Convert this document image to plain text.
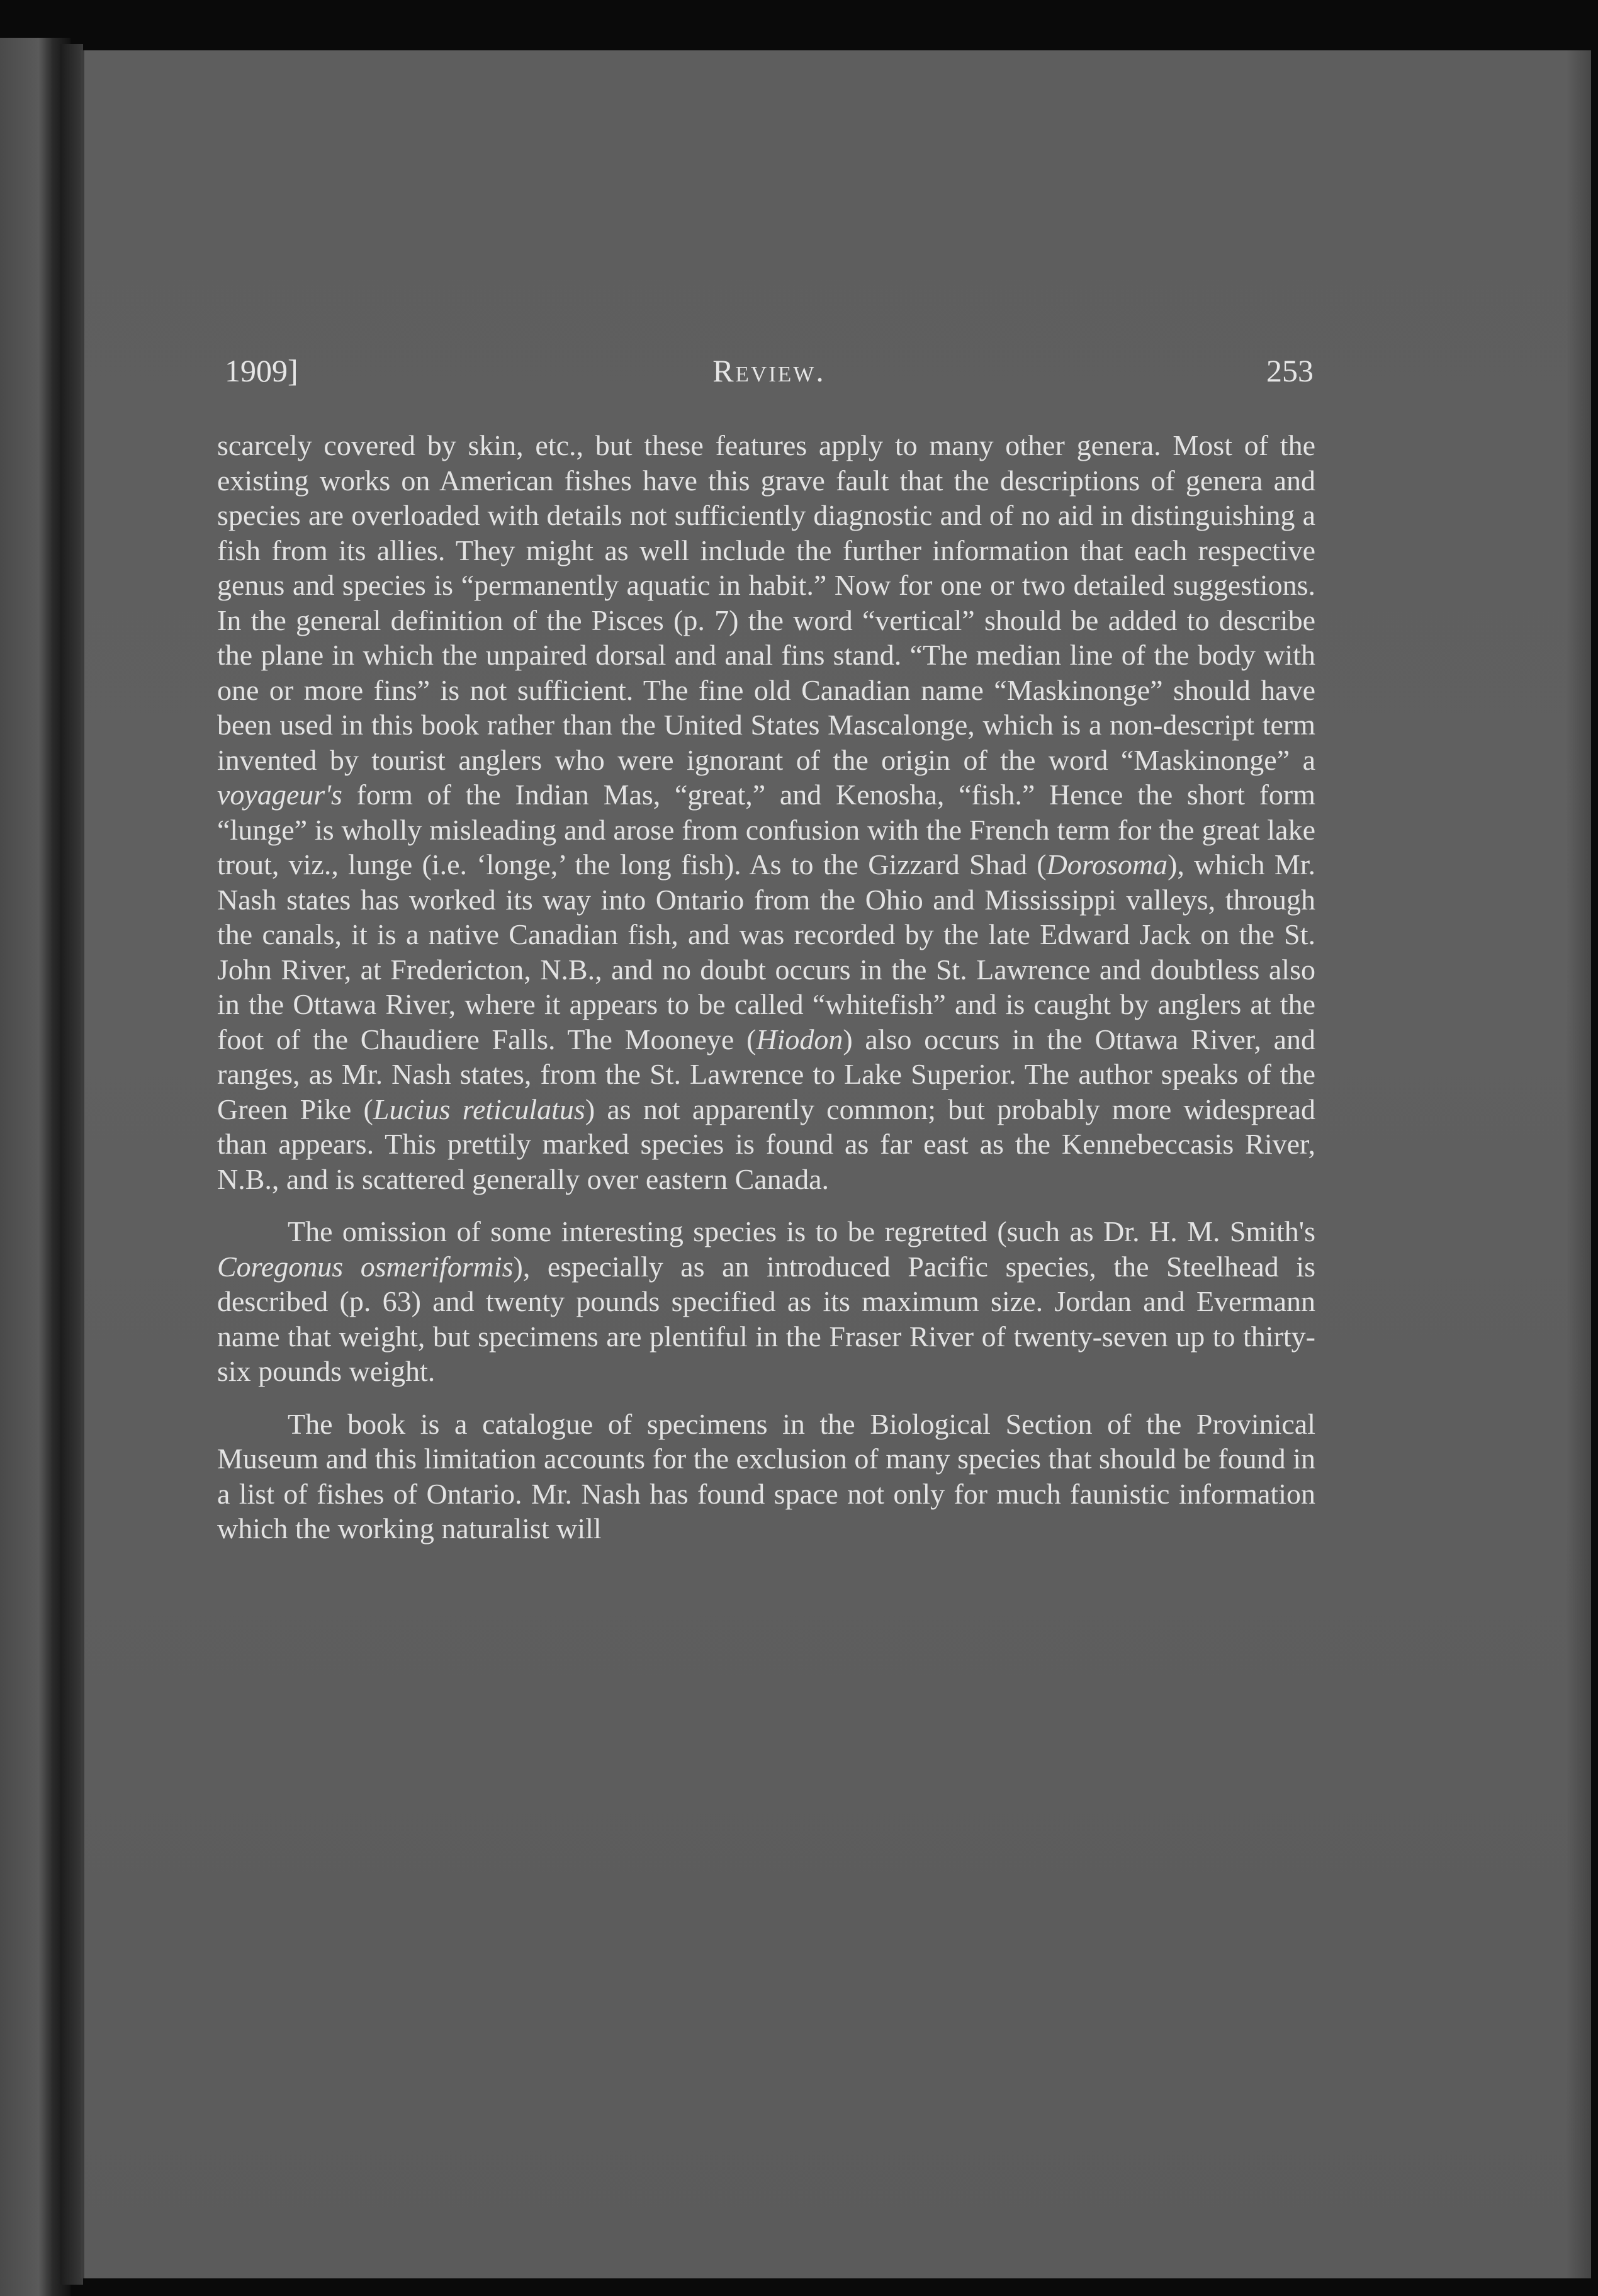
1909]	Review.	253

scarcely covered by skin, etc., but these features apply to many other genera. Most of the existing works on American fishes have this grave fault that the descriptions of genera and species are overloaded with details not sufficiently diagnostic and of no aid in distinguishing a fish from its allies. They might as well include the further information that each respective genus and species is “permanently aquatic in habit.” Now for one or two detailed suggestions. In the general definition of the Pisces (p. 7) the word “vertical” should be added to describe the plane in which the unpaired dorsal and anal fins stand. “The median line of the body with one or more fins” is not sufficient. The fine old Canadian name “Maskinonge” should have been used in this book rather than the United States Mascalonge, which is a non-descript term invented by tourist anglers who were ignorant of the origin of the word “Maskinonge” a voyageur's form of the Indian Mas, “great,” and Kenosha, “fish.” Hence the short form “lunge” is wholly misleading and arose from confusion with the French term for the great lake trout, viz., lunge (i.e. ‘longe,’ the long fish). As to the Gizzard Shad (Dorosoma), which Mr. Nash states has worked its way into Ontario from the Ohio and Mississippi valleys, through the canals, it is a native Canadian fish, and was recorded by the late Edward Jack on the St. John River, at Fredericton, N.B., and no doubt occurs in the St. Lawrence and doubtless also in the Ottawa River, where it appears to be called “whitefish” and is caught by anglers at the foot of the Chaudiere Falls. The Mooneye (Hiodon) also occurs in the Ottawa River, and ranges, as Mr. Nash states, from the St. Lawrence to Lake Superior. The author speaks of the Green Pike (Lucius reticulatus) as not apparently common; but probably more widespread than appears. This prettily marked species is found as far east as the Kennebeccasis River, N.B., and is scattered generally over eastern Canada.

The omission of some interesting species is to be regretted (such as Dr. H. M. Smith's Coregonus osmeriformis), especially as an introduced Pacific species, the Steelhead is described (p. 63) and twenty pounds specified as its maximum size. Jordan and Evermann name that weight, but specimens are plentiful in the Fraser River of twenty-seven up to thirty-six pounds weight.

The book is a catalogue of specimens in the Biological Section of the Provinical Museum and this limitation accounts for the exclusion of many species that should be found in a list of fishes of Ontario. Mr. Nash has found space not only for much faunistic information which the working naturalist will
